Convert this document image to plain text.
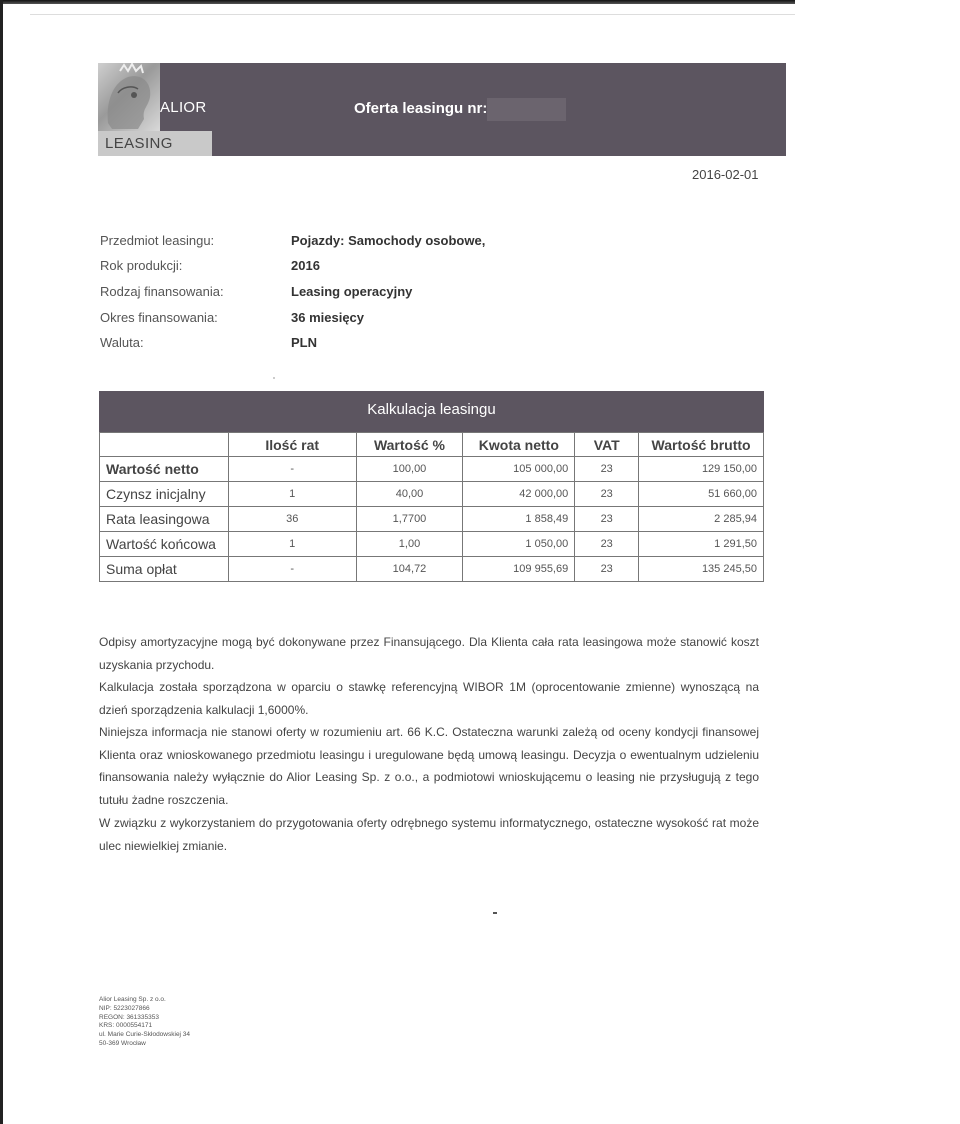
ALIOR
LEASING
Oferta leasingu nr:
2016-02-01
Przedmiot leasingu:	Pojazdy: Samochody osobowe,
Rok produkcji:	2016
Rodzaj finansowania:	Leasing operacyjny
Okres finansowania:	36 miesięcy
Waluta:	PLN
Kalkulacja leasingu
	Ilość rat	Wartość %	Kwota netto	VAT	Wartość brutto
Wartość netto	-	100,00	105 000,00	23	129 150,00
Czynsz inicjalny	1	40,00	42 000,00	23	51 660,00
Rata leasingowa	36	1,7700	1 858,49	23	2 285,94
Wartość końcowa	1	1,00	1 050,00	23	1 291,50
Suma opłat	-	104,72	109 955,69	23	135 245,50
Odpisy amortyzacyjne mogą być dokonywane przez Finansującego. Dla Klienta cała rata leasingowa może stanowić koszt uzyskania przychodu.
Kalkulacja została sporządzona w oparciu o stawkę referencyjną WIBOR 1M (oprocentowanie zmienne) wynoszącą na dzień sporządzenia kalkulacji 1,6000%.
Niniejsza informacja nie stanowi oferty w rozumieniu art. 66 K.C. Ostateczna warunki zależą od oceny kondycji finansowej Klienta oraz wnioskowanego przedmiotu leasingu i uregulowane będą umową leasingu. Decyzja o ewentualnym udzieleniu finansowania należy wyłącznie do Alior Leasing Sp. z o.o., a podmiotowi wnioskującemu o leasing nie przysługują z tego tutułu żadne roszczenia.
W związku z wykorzystaniem do przygotowania oferty odrębnego systemu informatycznego, ostateczne wysokość rat może ulec niewielkiej zmianie.
Alior Leasing Sp. z o.o.
NIP: 5223027866
REGON: 361335353
KRS: 0000554171
ul. Marie Curie-Skłodowskiej 34
50-369 Wrocław
